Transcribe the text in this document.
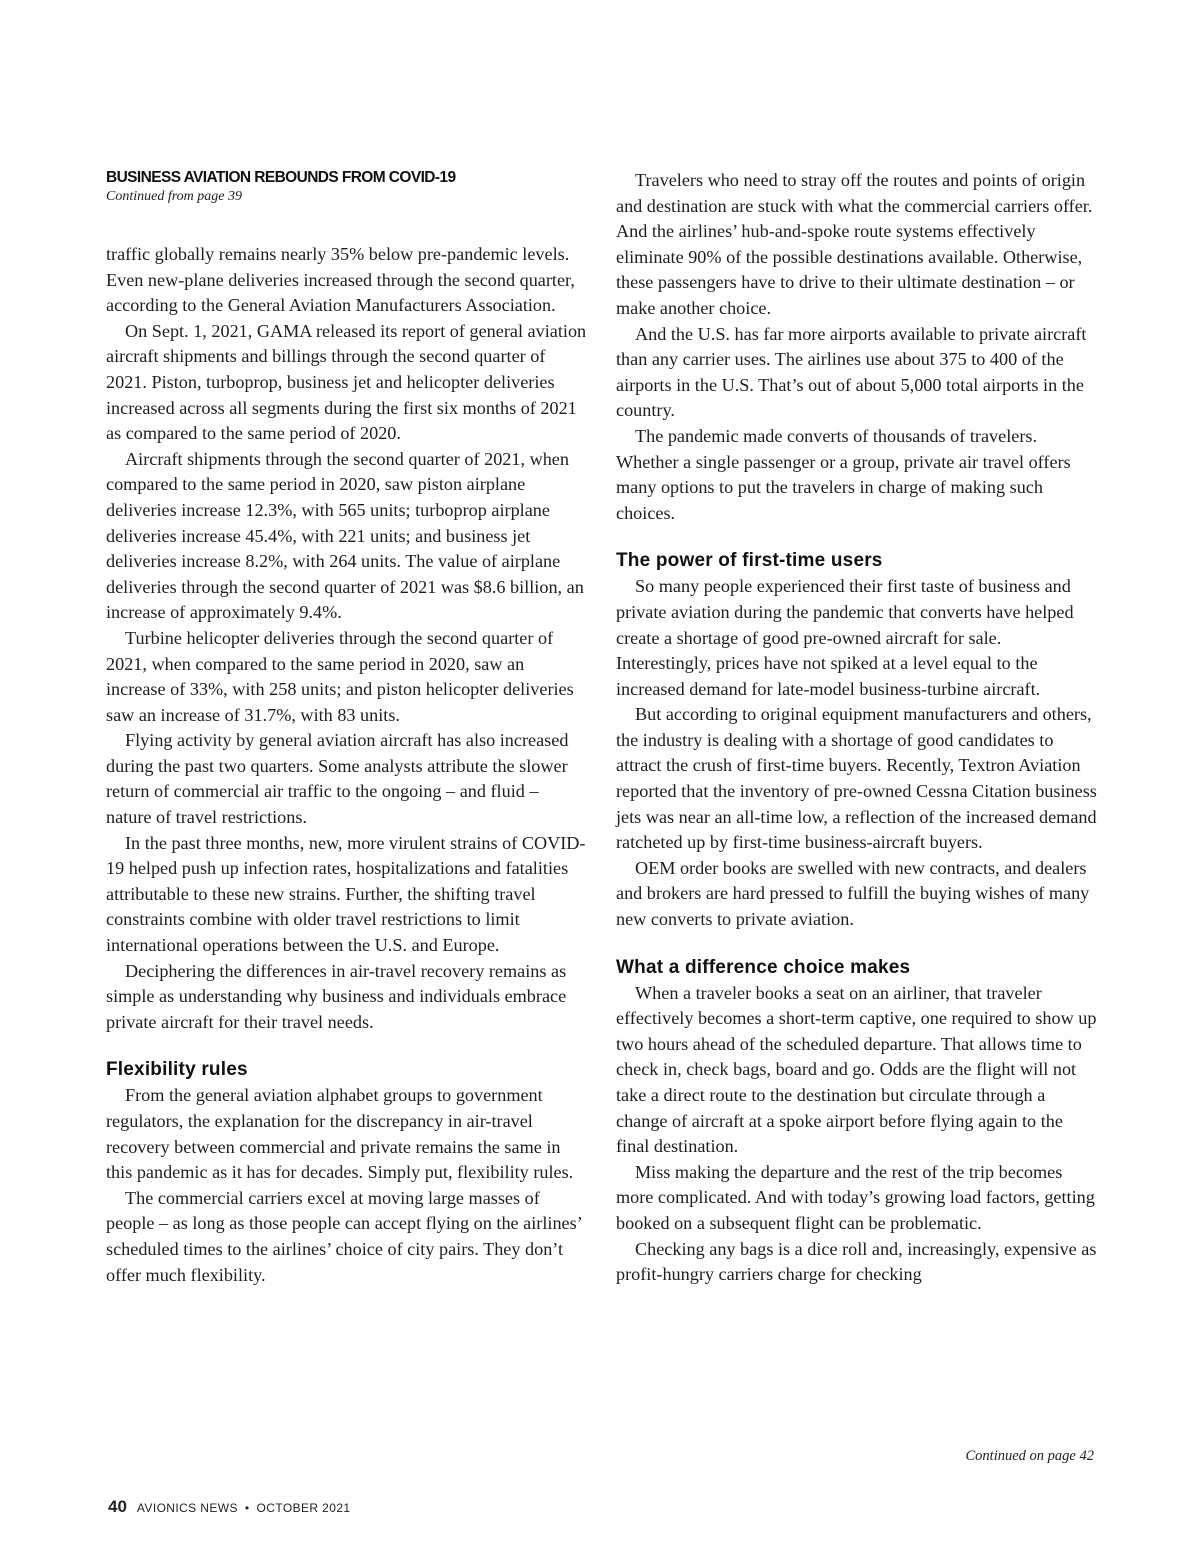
BUSINESS AVIATION REBOUNDS FROM COVID-19
Continued from page 39

traffic globally remains nearly 35% below pre-pandemic levels. Even new-plane deliveries increased through the second quarter, according to the General Aviation Manufacturers Association.

On Sept. 1, 2021, GAMA released its report of general aviation aircraft shipments and billings through the second quarter of 2021. Piston, turboprop, business jet and helicopter deliveries increased across all segments during the first six months of 2021 as compared to the same period of 2020.

Aircraft shipments through the second quarter of 2021, when compared to the same period in 2020, saw piston airplane deliveries increase 12.3%, with 565 units; turboprop airplane deliveries increase 45.4%, with 221 units; and business jet deliveries increase 8.2%, with 264 units. The value of airplane deliveries through the second quarter of 2021 was $8.6 billion, an increase of approximately 9.4%.

Turbine helicopter deliveries through the second quarter of 2021, when compared to the same period in 2020, saw an increase of 33%, with 258 units; and piston helicopter deliveries saw an increase of 31.7%, with 83 units.

Flying activity by general aviation aircraft has also increased during the past two quarters. Some analysts attribute the slower return of commercial air traffic to the ongoing – and fluid – nature of travel restrictions.

In the past three months, new, more virulent strains of COVID-19 helped push up infection rates, hospitalizations and fatalities attributable to these new strains. Further, the shifting travel constraints combine with older travel restrictions to limit international operations between the U.S. and Europe.

Deciphering the differences in air-travel recovery remains as simple as understanding why business and individuals embrace private aircraft for their travel needs.

Flexibility rules

From the general aviation alphabet groups to government regulators, the explanation for the discrepancy in air-travel recovery between commercial and private remains the same in this pandemic as it has for decades. Simply put, flexibility rules.

The commercial carriers excel at moving large masses of people – as long as those people can accept flying on the airlines’ scheduled times to the airlines’ choice of city pairs. They don’t offer much flexibility.

Travelers who need to stray off the routes and points of origin and destination are stuck with what the commercial carriers offer. And the airlines’ hub-and-spoke route systems effectively eliminate 90% of the possible destinations available. Otherwise, these passengers have to drive to their ultimate destination – or make another choice.

And the U.S. has far more airports available to private aircraft than any carrier uses. The airlines use about 375 to 400 of the airports in the U.S. That’s out of about 5,000 total airports in the country.

The pandemic made converts of thousands of travelers. Whether a single passenger or a group, private air travel offers many options to put the travelers in charge of making such choices.

The power of first-time users

So many people experienced their first taste of business and private aviation during the pandemic that converts have helped create a shortage of good pre-owned aircraft for sale. Interestingly, prices have not spiked at a level equal to the increased demand for late-model business-turbine aircraft.

But according to original equipment manufacturers and others, the industry is dealing with a shortage of good candidates to attract the crush of first-time buyers. Recently, Textron Aviation reported that the inventory of pre-owned Cessna Citation business jets was near an all-time low, a reflection of the increased demand ratcheted up by first-time business-aircraft buyers.

OEM order books are swelled with new contracts, and dealers and brokers are hard pressed to fulfill the buying wishes of many new converts to private aviation.

What a difference choice makes

When a traveler books a seat on an airliner, that traveler effectively becomes a short-term captive, one required to show up two hours ahead of the scheduled departure. That allows time to check in, check bags, board and go. Odds are the flight will not take a direct route to the destination but circulate through a change of aircraft at a spoke airport before flying again to the final destination.

Miss making the departure and the rest of the trip becomes more complicated. And with today’s growing load factors, getting booked on a subsequent flight can be problematic.

Checking any bags is a dice roll and, increasingly, expensive as profit-hungry carriers charge for checking

Continued on page 42
40 AVIONICS NEWS • OCTOBER 2021
